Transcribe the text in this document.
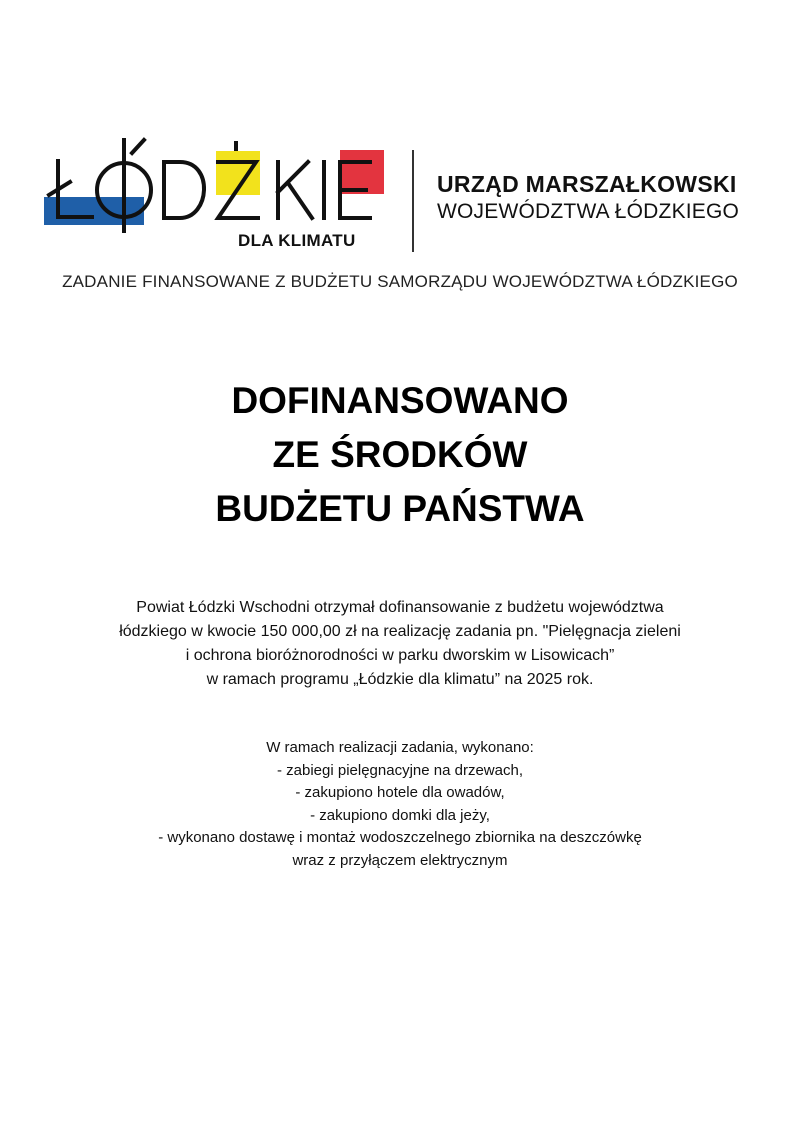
DLA KLIMATU
URZĄD MARSZAŁKOWSKI
WOJEWÓDZTWA ŁÓDZKIEGO
ZADANIE FINANSOWANE Z BUDŻETU SAMORZĄDU WOJEWÓDZTWA ŁÓDZKIEGO
DOFINANSOWANO
ZE ŚRODKÓW
BUDŻETU PAŃSTWA
Powiat Łódzki Wschodni otrzymał dofinansowanie z budżetu województwa
łódzkiego w kwocie 150 000,00 zł na realizację zadania pn. "Pielęgnacja zieleni
i ochrona bioróżnorodności w parku dworskim w Lisowicach”
w ramach programu „Łódzkie dla klimatu” na 2025 rok.
W ramach realizacji zadania, wykonano:
- zabiegi pielęgnacyjne na drzewach,
- zakupiono hotele dla owadów,
- zakupiono domki dla jeży,
- wykonano dostawę i montaż wodoszczelnego zbiornika na deszczówkę
wraz z przyłączem elektrycznym
